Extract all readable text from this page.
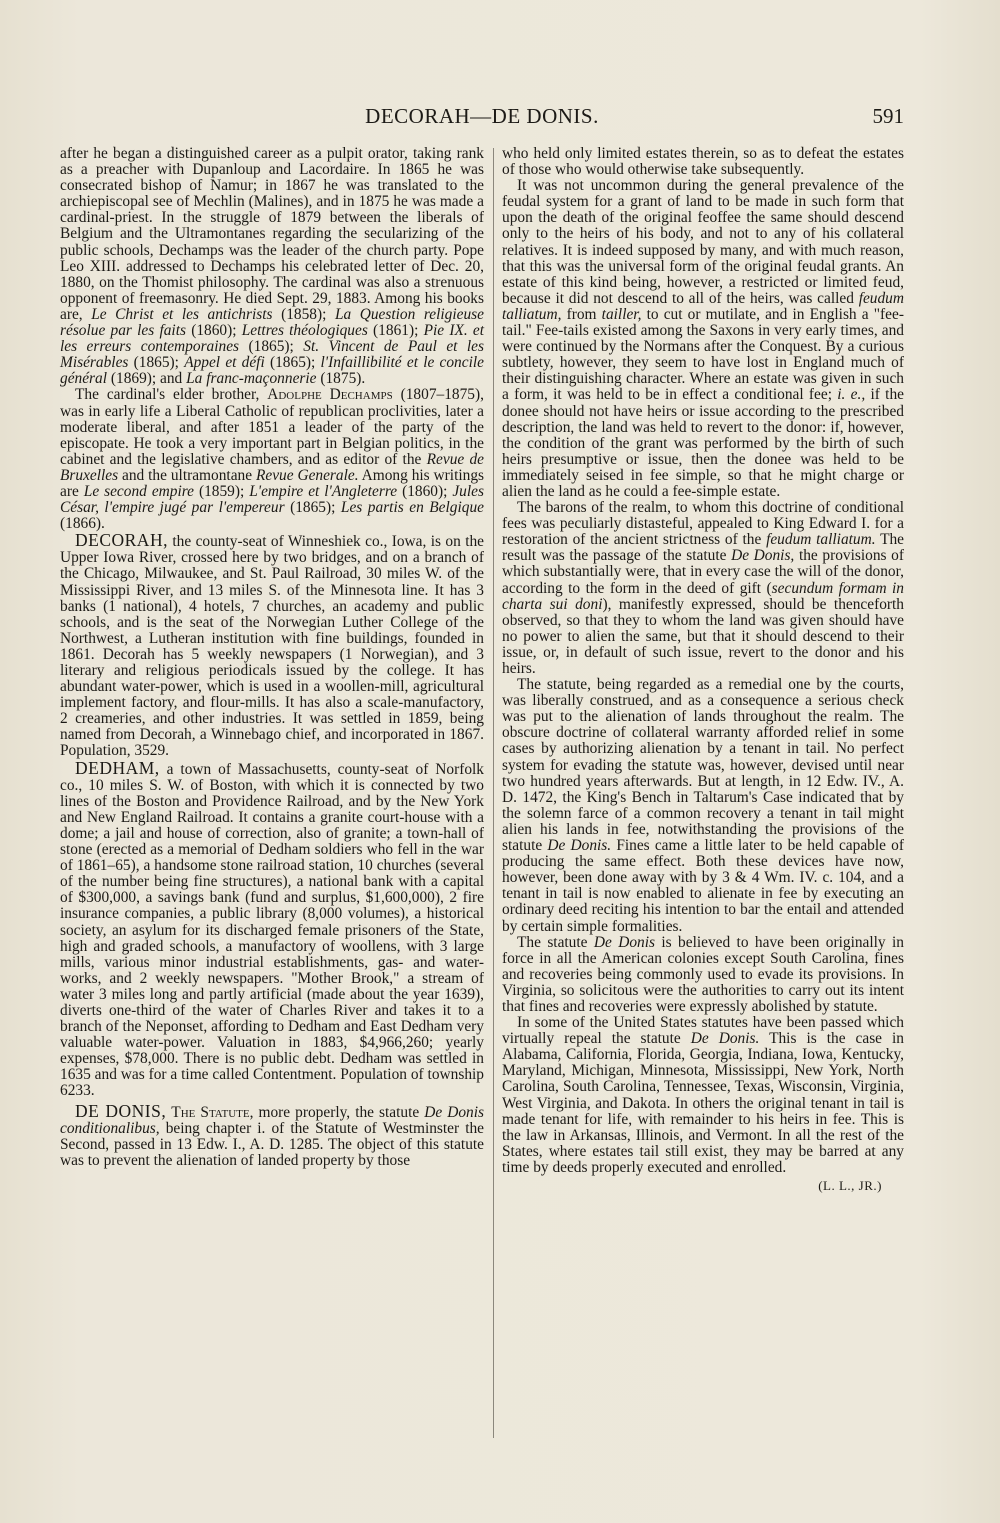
DECORAH—DE DONIS.	591

after he began a distinguished career as a pulpit orator, taking rank as a preacher with Dupanloup and Lacordaire. In 1865 he was consecrated bishop of Namur; in 1867 he was translated to the archiepiscopal see of Mechlin (Malines), and in 1875 he was made a cardinal-priest. In the struggle of 1879 between the liberals of Belgium and the Ultramontanes regarding the secularizing of the public schools, Dechamps was the leader of the church party. Pope Leo XIII. addressed to Dechamps his celebrated letter of Dec. 20, 1880, on the Thomist philosophy. The cardinal was also a strenuous opponent of freemasonry. He died Sept. 29, 1883. Among his books are, Le Christ et les antichrists (1858); La Question religieuse résolue par les faits (1860); Lettres théologiques (1861); Pie IX. et les erreurs contemporaines (1865); St. Vincent de Paul et les Misérables (1865); Appel et défi (1865); l'Infaillibilité et le concile général (1869); and La franc-maçonnerie (1875).

The cardinal's elder brother, Adolphe Dechamps (1807–1875), was in early life a Liberal Catholic of republican proclivities, later a moderate liberal, and after 1851 a leader of the party of the episcopate. He took a very important part in Belgian politics, in the cabinet and the legislative chambers, and as editor of the Revue de Bruxelles and the ultramontane Revue Generale. Among his writings are Le second empire (1859); L'empire et l'Angleterre (1860); Jules César, l'empire jugé par l'empereur (1865); Les partis en Belgique (1866).

DECORAH, the county-seat of Winneshiek co., Iowa, is on the Upper Iowa River, crossed here by two bridges, and on a branch of the Chicago, Milwaukee, and St. Paul Railroad, 30 miles W. of the Mississippi River, and 13 miles S. of the Minnesota line. It has 3 banks (1 national), 4 hotels, 7 churches, an academy and public schools, and is the seat of the Norwegian Luther College of the Northwest, a Lutheran institution with fine buildings, founded in 1861. Decorah has 5 weekly newspapers (1 Norwegian), and 3 literary and religious periodicals issued by the college. It has abundant water-power, which is used in a woollen-mill, agricultural implement factory, and flour-mills. It has also a scale-manufactory, 2 creameries, and other industries. It was settled in 1859, being named from Decorah, a Winnebago chief, and incorporated in 1867. Population, 3529.

DEDHAM, a town of Massachusetts, county-seat of Norfolk co., 10 miles S. W. of Boston, with which it is connected by two lines of the Boston and Providence Railroad, and by the New York and New England Railroad. It contains a granite court-house with a dome; a jail and house of correction, also of granite; a town-hall of stone (erected as a memorial of Dedham soldiers who fell in the war of 1861–65), a handsome stone railroad station, 10 churches (several of the number being fine structures), a national bank with a capital of $300,000, a savings bank (fund and surplus, $1,600,000), 2 fire insurance companies, a public library (8,000 volumes), a historical society, an asylum for its discharged female prisoners of the State, high and graded schools, a manufactory of woollens, with 3 large mills, various minor industrial establishments, gas- and water-works, and 2 weekly newspapers. "Mother Brook," a stream of water 3 miles long and partly artificial (made about the year 1639), diverts one-third of the water of Charles River and takes it to a branch of the Neponset, affording to Dedham and East Dedham very valuable water-power. Valuation in 1883, $4,966,260; yearly expenses, $78,000. There is no public debt. Dedham was settled in 1635 and was for a time called Contentment. Population of township 6233.

DE DONIS, The Statute, more properly, the statute De Donis conditionalibus, being chapter i. of the Statute of Westminster the Second, passed in 13 Edw. I., A. D. 1285. The object of this statute was to prevent the alienation of landed property by those

who held only limited estates therein, so as to defeat the estates of those who would otherwise take subsequently.

It was not uncommon during the general prevalence of the feudal system for a grant of land to be made in such form that upon the death of the original feoffee the same should descend only to the heirs of his body, and not to any of his collateral relatives. It is indeed supposed by many, and with much reason, that this was the universal form of the original feudal grants. An estate of this kind being, however, a restricted or limited feud, because it did not descend to all of the heirs, was called feudum talliatum, from tailler, to cut or mutilate, and in English a "fee-tail." Fee-tails existed among the Saxons in very early times, and were continued by the Normans after the Conquest. By a curious subtlety, however, they seem to have lost in England much of their distinguishing character. Where an estate was given in such a form, it was held to be in effect a conditional fee; i. e., if the donee should not have heirs or issue according to the prescribed description, the land was held to revert to the donor: if, however, the condition of the grant was performed by the birth of such heirs presumptive or issue, then the donee was held to be immediately seised in fee simple, so that he might charge or alien the land as he could a fee-simple estate.

The barons of the realm, to whom this doctrine of conditional fees was peculiarly distasteful, appealed to King Edward I. for a restoration of the ancient strictness of the feudum talliatum. The result was the passage of the statute De Donis, the provisions of which substantially were, that in every case the will of the donor, according to the form in the deed of gift (secundum formam in charta sui doni), manifestly expressed, should be thenceforth observed, so that they to whom the land was given should have no power to alien the same, but that it should descend to their issue, or, in default of such issue, revert to the donor and his heirs.

The statute, being regarded as a remedial one by the courts, was liberally construed, and as a consequence a serious check was put to the alienation of lands throughout the realm. The obscure doctrine of collateral warranty afforded relief in some cases by authorizing alienation by a tenant in tail. No perfect system for evading the statute was, however, devised until near two hundred years afterwards. But at length, in 12 Edw. IV., A. D. 1472, the King's Bench in Taltarum's Case indicated that by the solemn farce of a common recovery a tenant in tail might alien his lands in fee, notwithstanding the provisions of the statute De Donis. Fines came a little later to be held capable of producing the same effect. Both these devices have now, however, been done away with by 3 & 4 Wm. IV. c. 104, and a tenant in tail is now enabled to alienate in fee by executing an ordinary deed reciting his intention to bar the entail and attended by certain simple formalities.

The statute De Donis is believed to have been originally in force in all the American colonies except South Carolina, fines and recoveries being commonly used to evade its provisions. In Virginia, so solicitous were the authorities to carry out its intent that fines and recoveries were expressly abolished by statute.

In some of the United States statutes have been passed which virtually repeal the statute De Donis. This is the case in Alabama, California, Florida, Georgia, Indiana, Iowa, Kentucky, Maryland, Michigan, Minnesota, Mississippi, New York, North Carolina, South Carolina, Tennessee, Texas, Wisconsin, Virginia, West Virginia, and Dakota. In others the original tenant in tail is made tenant for life, with remainder to his heirs in fee. This is the law in Arkansas, Illinois, and Vermont. In all the rest of the States, where estates tail still exist, they may be barred at any time by deeds properly executed and enrolled.

(L. L., JR.)
